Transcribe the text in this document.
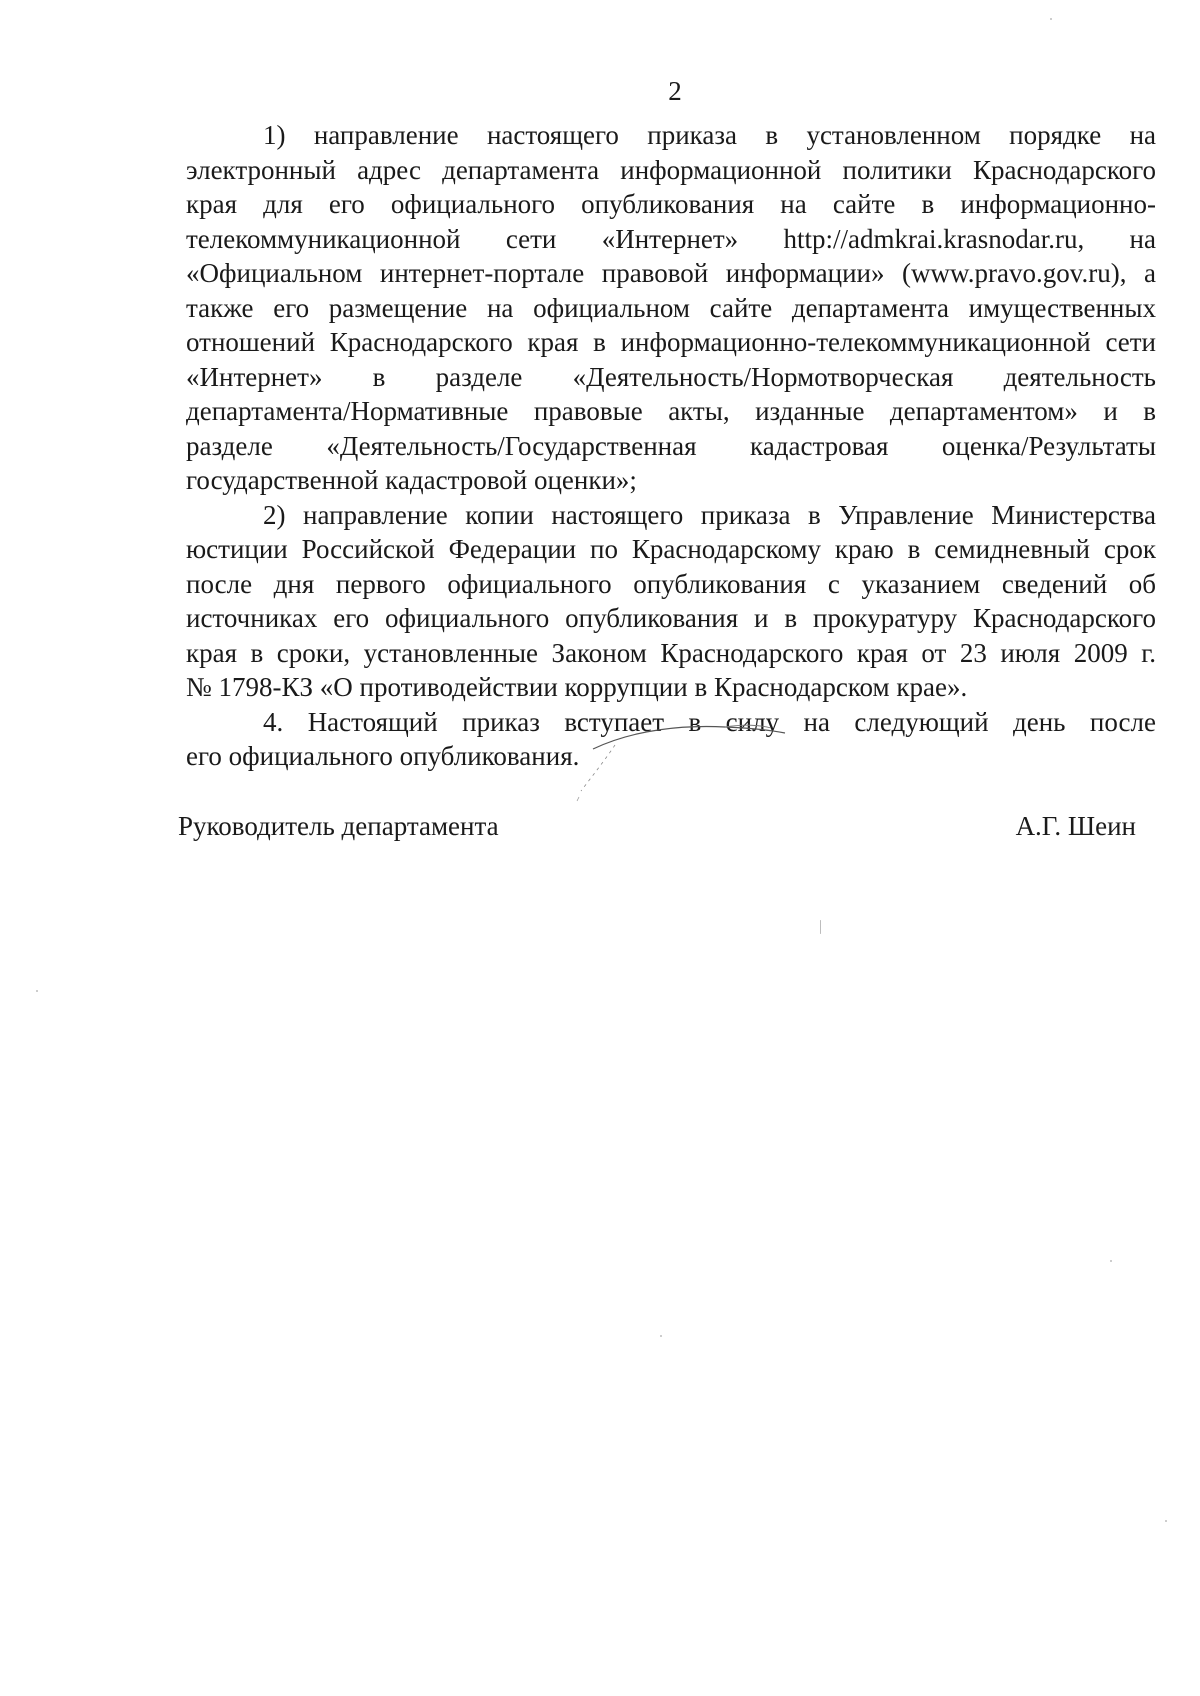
2
1) направление настоящего приказа в установленном порядке на
электронный адрес департамента информационной политики Краснодарского
края для его официального опубликования на сайте в информационно-
телекоммуникационной сети «Интернет» http://admkrai.krasnodar.ru, на
«Официальном интернет-портале правовой информации» (www.pravo.gov.ru), а
также его размещение на официальном сайте департамента имущественных
отношений Краснодарского края в информационно-телекоммуникационной сети
«Интернет» в разделе «Деятельность/Нормотворческая деятельность
департамента/Нормативные правовые акты, изданные департаментом» и в
разделе «Деятельность/Государственная кадастровая оценка/Результаты
государственной кадастровой оценки»;
2) направление копии настоящего приказа в Управление Министерства
юстиции Российской Федерации по Краснодарскому краю в семидневный срок
после дня первого официального опубликования с указанием сведений об
источниках его официального опубликования и в прокуратуру Краснодарского
края в сроки, установленные Законом Краснодарского края от 23 июля 2009 г.
№ 1798-КЗ «О противодействии коррупции в Краснодарском крае».
4. Настоящий приказ вступает в силу на следующий день после
его официального опубликования.
Руководитель департамента	А.Г. Шеин
